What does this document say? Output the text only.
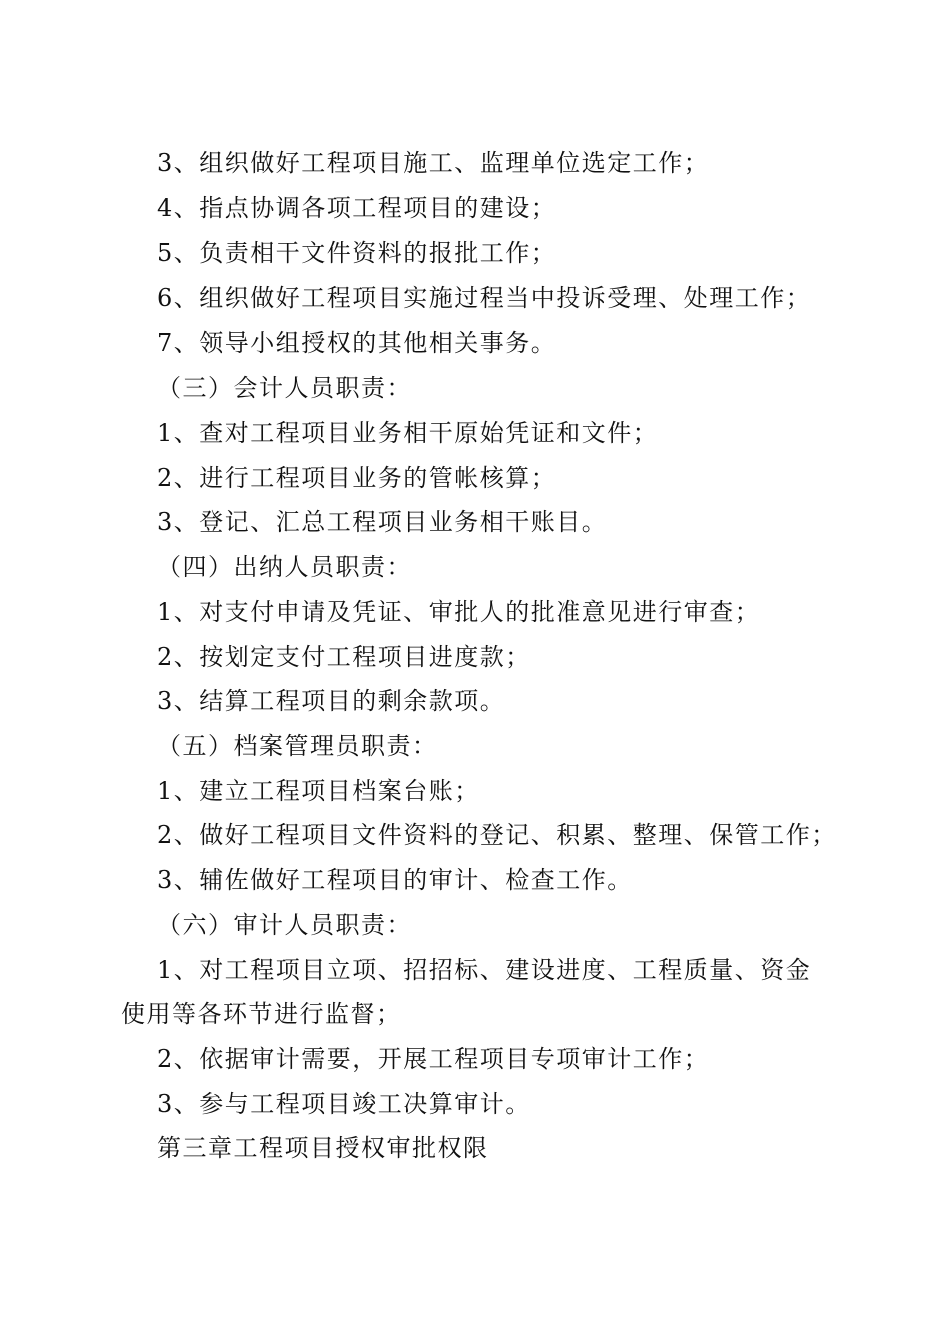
3、组织做好工程项目施工、监理单位选定工作；
4、指点协调各项工程项目的建设；
5、负责相干文件资料的报批工作；
6、组织做好工程项目实施过程当中投诉受理、处理工作；
7、领导小组授权的其他相关事务。
（三）会计人员职责：
1、查对工程项目业务相干原始凭证和文件；
2、进行工程项目业务的管帐核算；
3、登记、汇总工程项目业务相干账目。
（四）出纳人员职责：
1、对支付申请及凭证、审批人的批准意见进行审查；
2、按划定支付工程项目进度款；
3、结算工程项目的剩余款项。
（五）档案管理员职责：
1、建立工程项目档案台账；
2、做好工程项目文件资料的登记、积累、整理、保管工作；
3、辅佐做好工程项目的审计、检查工作。
（六）审计人员职责：
1、对工程项目立项、招招标、建设进度、工程质量、资金
使用等各环节进行监督；
2、依据审计需要，开展工程项目专项审计工作；
3、参与工程项目竣工决算审计。
第三章工程项目授权审批权限
